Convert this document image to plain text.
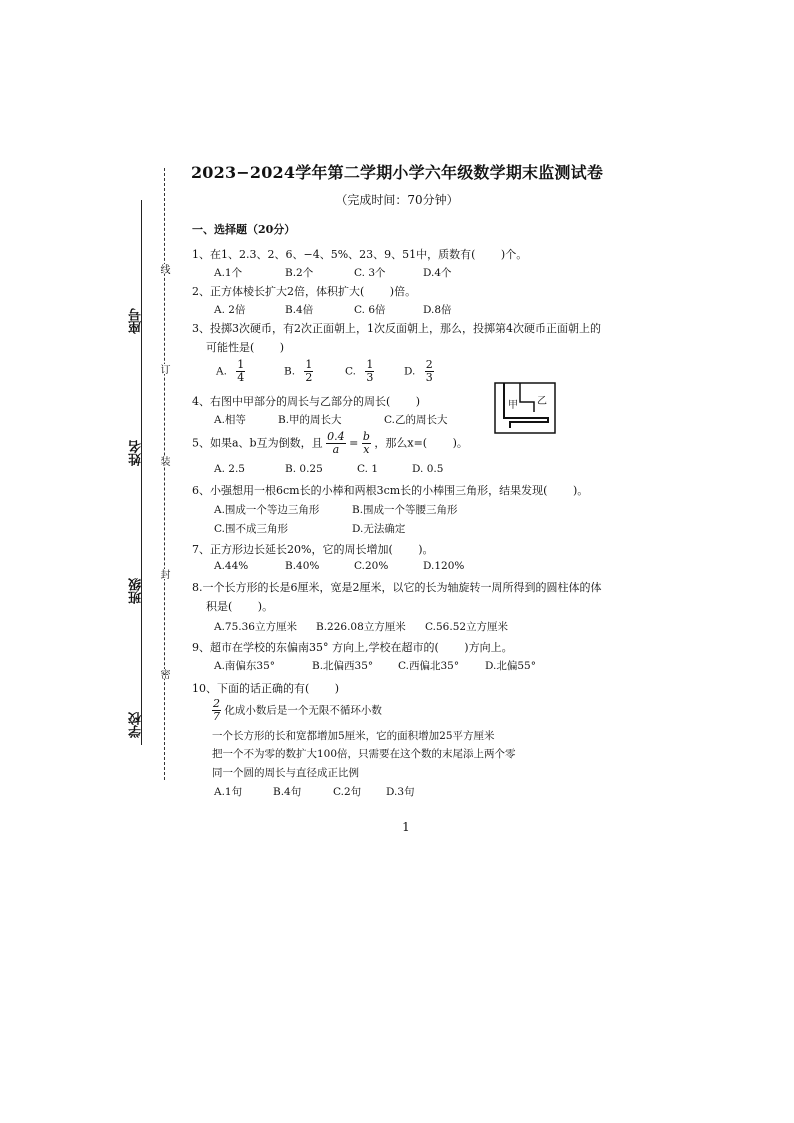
座号
姓名
班级
学校
线
订
装
封
密
2023−2024学年第二学期小学六年级数学期末监测试卷
（完成时间：70分钟）
一、选择题（20分）
1、在1、2.3、2、6、−4、5%、23、9、51中，质数有(　　 )个。
A.1个	B.2个	C. 3个	D.4个
2、正方体棱长扩大2倍，体积扩大(　　 )倍。
A. 2倍	B.4倍	C. 6倍	D.8倍
3、投掷3次硬币，有2次正面朝上，1次反面朝上，那么，投掷第4次硬币正面朝上的
可能性是(　　 )
A. $\frac{1}{4}$	B. $\frac{1}{2}$	C. $\frac{1}{3}$	D. $\frac{2}{3}$
4、右图中甲部分的周长与乙部分的周长(　　 )
A.相等	B.甲的周长大	C.乙的周长大
甲 乙
5、如果a、b互为倒数，且 $\frac{0.4}{a} = \frac{b}{x}$ ，那么x=(　　 )。
A. 2.5	B. 0.25	C. 1	D. 0.5
6、小强想用一根6cm长的小棒和两根3cm长的小棒围三角形，结果发现(　　 )。
A.围成一个等边三角形	B.围成一个等腰三角形
C.围不成三角形	D.无法确定
7、正方形边长延长20%，它的周长增加(　　 )。
A.44%	B.40%	C.20%	D.120%
8.一个长方形的长是6厘米，宽是2厘米，以它的长为轴旋转一周所得到的圆柱体的体
积是(　　 )。
A.75.36立方厘米 B.226.08立方厘米 C.56.52立方厘米
9、超市在学校的东偏南35° 方向上,学校在超市的(　　 )方向上。
A.南偏东35°	B.北偏西35° C.西偏北35° D.北偏55°
10、下面的话正确的有(　　 )
$\frac{2}{7}$ 化成小数后是一个无限不循环小数
一个长方形的长和宽都增加5厘米，它的面积增加25平方厘米
把一个不为零的数扩大100倍，只需要在这个数的末尾添上两个零
同一个圆的周长与直径成正比例
A.1句	B.4句	C.2句 D.3句
1
